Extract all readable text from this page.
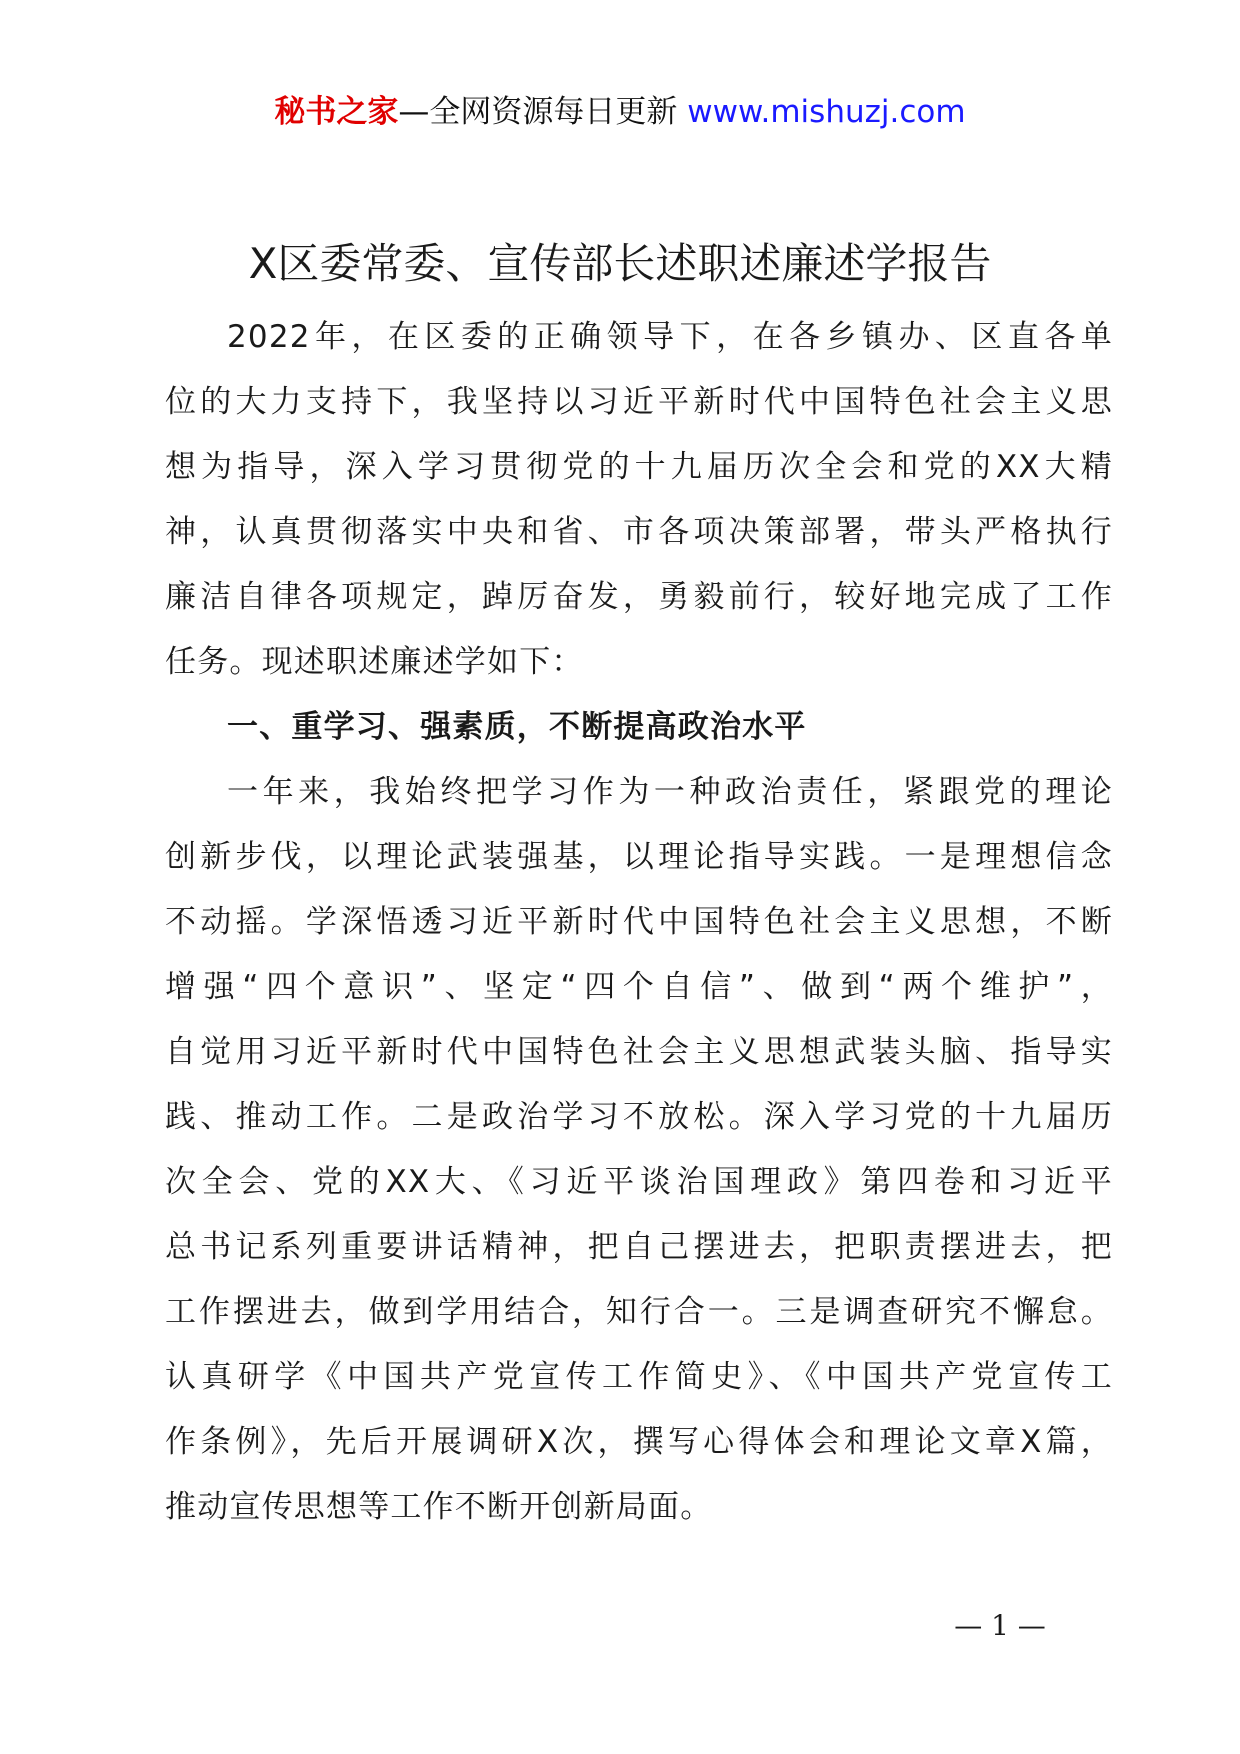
秘书之家—全网资源每日更新 www.mishuzj.com
X区委常委、宣传部长述职述廉述学报告
2022年，在区委的正确领导下，在各乡镇办、区直各单
位的大力支持下，我坚持以习近平新时代中国特色社会主义思
想为指导，深入学习贯彻党的十九届历次全会和党的XX大精
神，认真贯彻落实中央和省、市各项决策部署，带头严格执行
廉洁自律各项规定，踔厉奋发，勇毅前行，较好地完成了工作
任务。现述职述廉述学如下：
一、重学习、强素质，不断提高政治水平
一年来，我始终把学习作为一种政治责任，紧跟党的理论
创新步伐，以理论武装强基，以理论指导实践。一是理想信念
不动摇。学深悟透习近平新时代中国特色社会主义思想，不断
增强“四个意识”、坚定“四个自信”、做到“两个维护”，
自觉用习近平新时代中国特色社会主义思想武装头脑、指导实
践、推动工作。二是政治学习不放松。深入学习党的十九届历
次全会、党的XX大、《习近平谈治国理政》第四卷和习近平
总书记系列重要讲话精神，把自己摆进去，把职责摆进去，把
工作摆进去，做到学用结合，知行合一。三是调查研究不懈怠。
认真研学《中国共产党宣传工作简史》、《中国共产党宣传工
作条例》，先后开展调研X次，撰写心得体会和理论文章X篇，
推动宣传思想等工作不断开创新局面。
— 1 —
